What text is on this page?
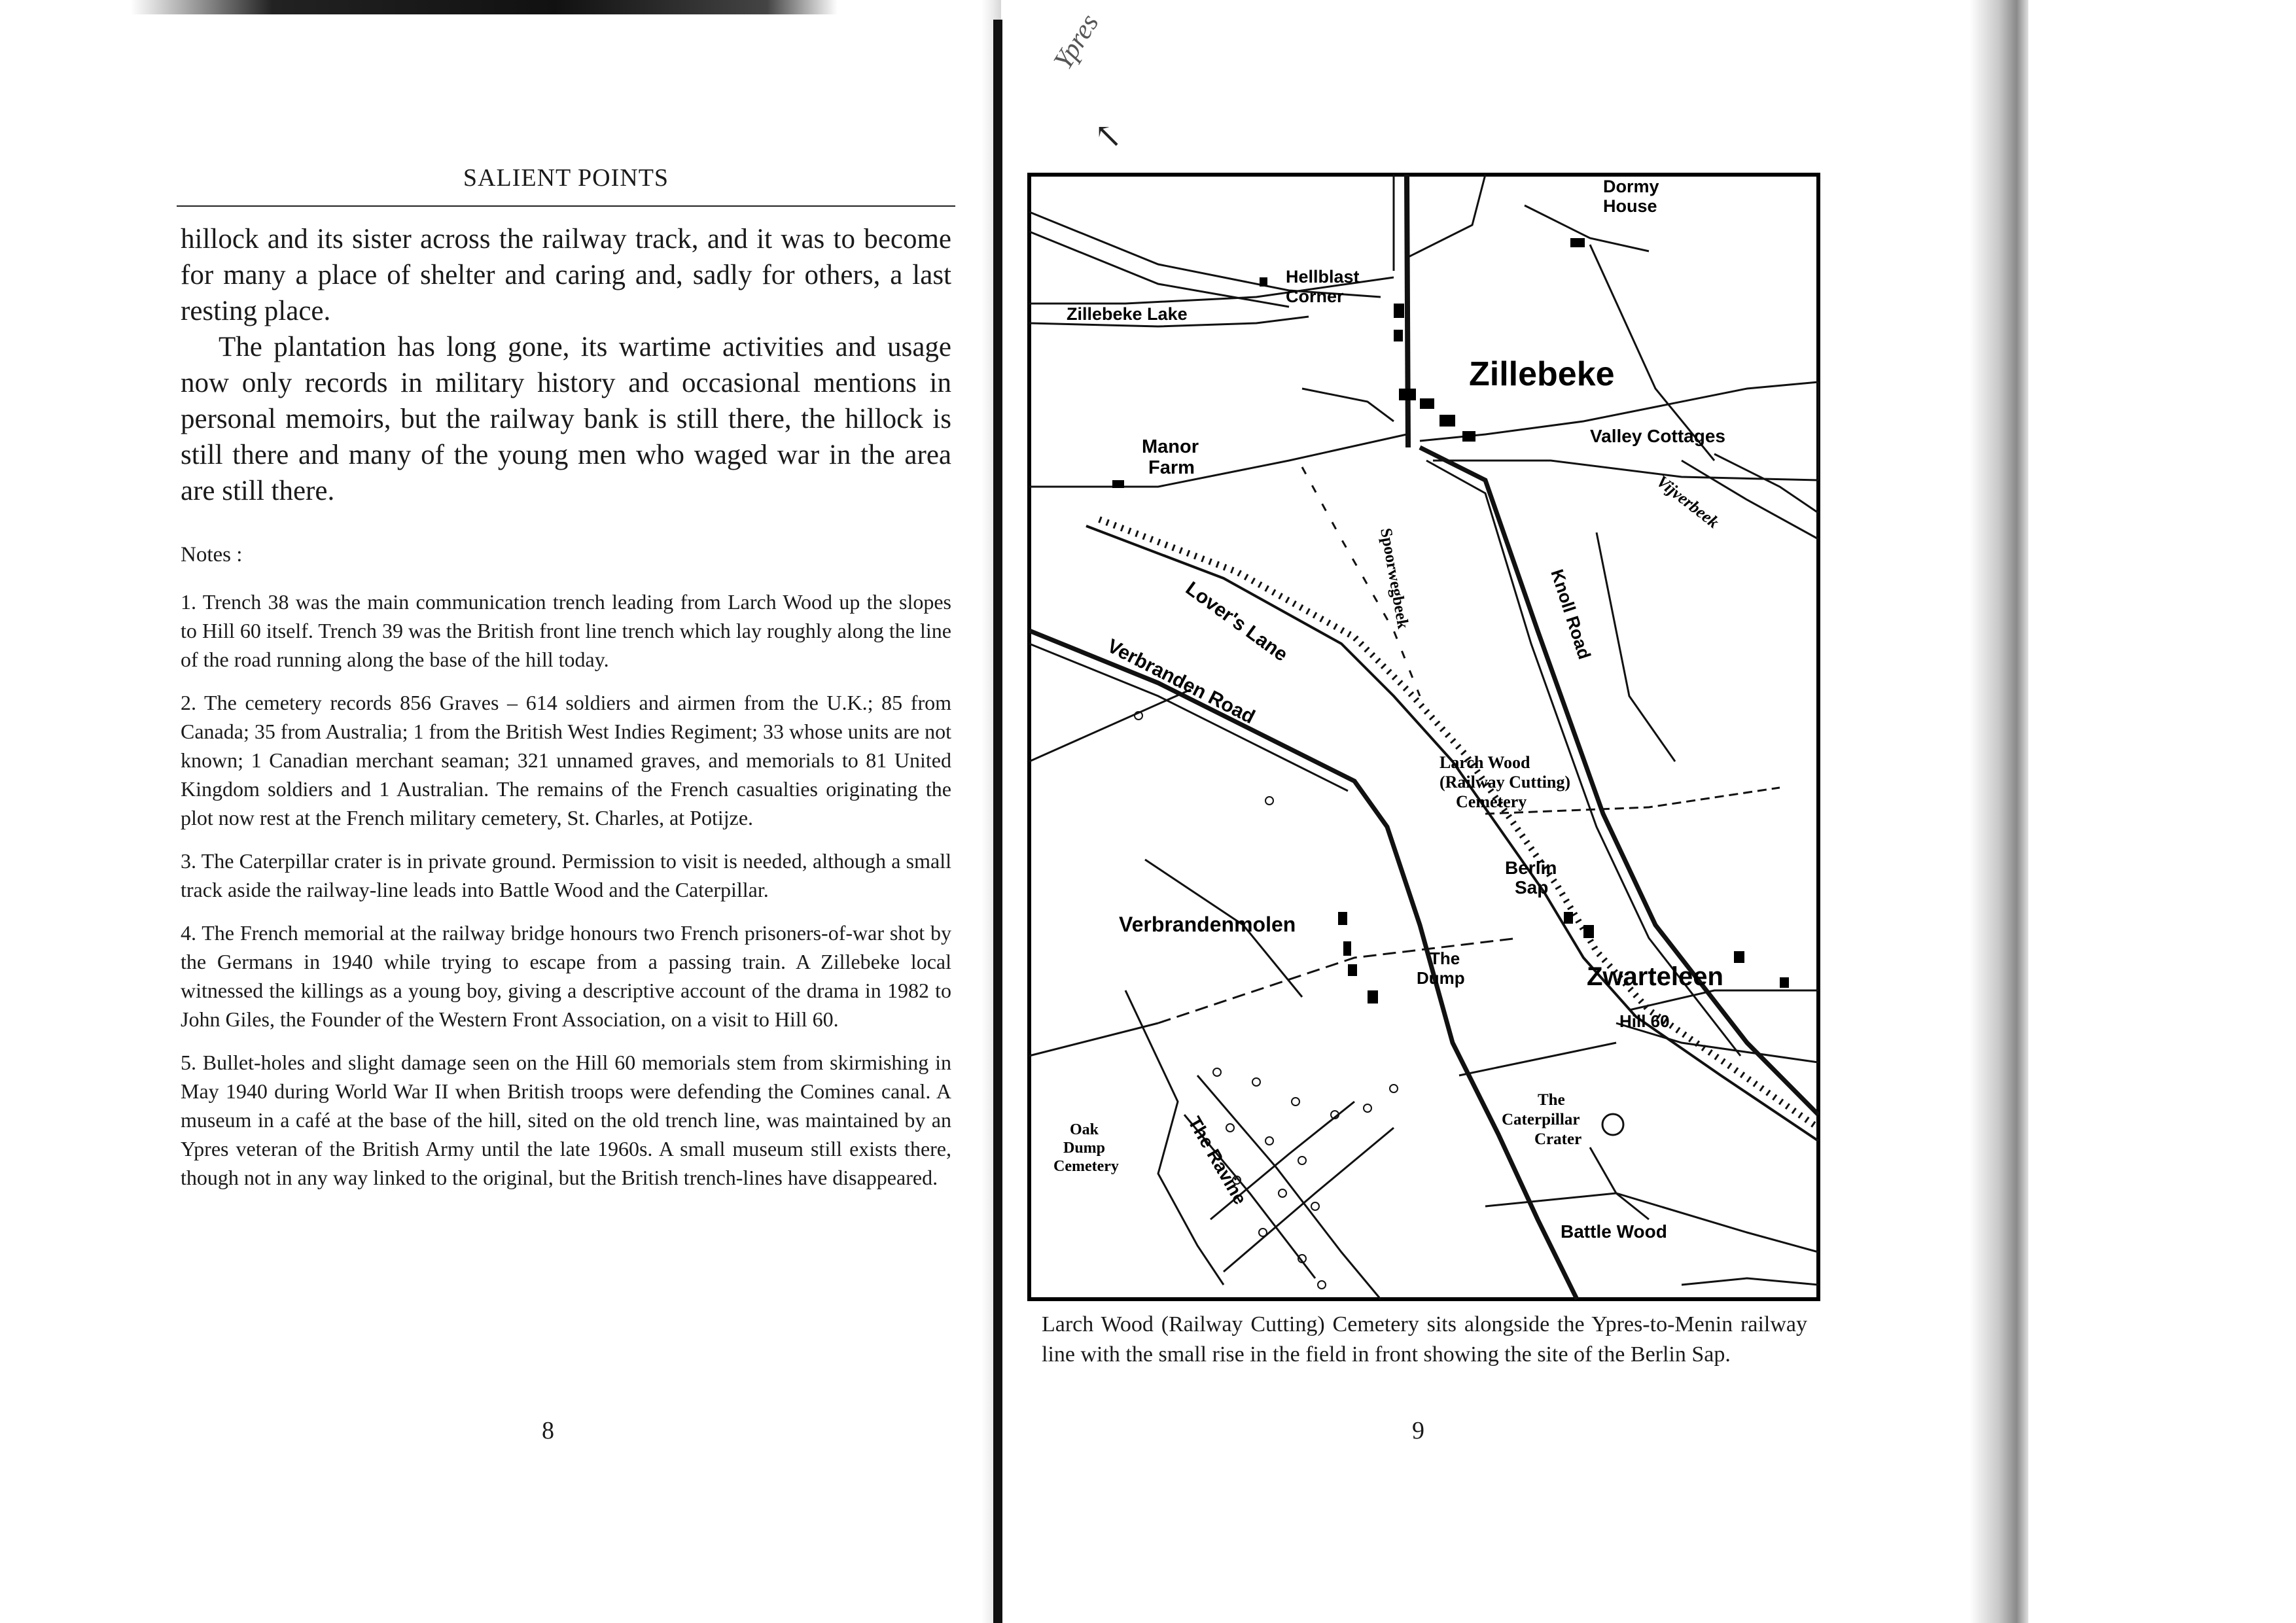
SALIENT POINTS

hillock and its sister across the railway track, and it was to become for many a place of shelter and caring and, sadly for others, a last resting place.

The plantation has long gone, its wartime activities and usage now only records in military history and occasional mentions in personal memoirs, but the railway bank is still there, the hillock is still there and many of the young men who waged war in the area are still there.

Notes :

1. Trench 38 was the main communication trench leading from Larch Wood up the slopes to Hill 60 itself. Trench 39 was the British front line trench which lay roughly along the line of the road running along the base of the hill today.

2. The cemetery records 856 Graves – 614 soldiers and airmen from the U.K.; 85 from Canada; 35 from Australia; 1 from the British West Indies Regiment; 33 whose units are not known; 1 Canadian merchant seaman; 321 unnamed graves, and memorials to 81 United Kingdom soldiers and 1 Australian. The remains of the French casualties originating the plot now rest at the French military cemetery, St. Charles, at Potijze.

3. The Caterpillar crater is in private ground. Permission to visit is needed, although a small track aside the railway-line leads into Battle Wood and the Caterpillar.

4. The French memorial at the railway bridge honours two French prisoners-of-war shot by the Germans in 1940 while trying to escape from a passing train. A Zillebeke local witnessed the killings as a young boy, giving a descriptive account of the drama in 1982 to John Giles, the Founder of the Western Front Association, on a visit to Hill 60.

5. Bullet-holes and slight damage seen on the Hill 60 memorials stem from skirmishing in May 1940 during World War II when British troops were defending the Comines canal. A museum in a café at the base of the hill, sited on the old trench line, was maintained by an Ypres veteran of the British Army until the late 1960s. A small museum still exists there, though not in any way linked to the original, but the British trench-lines have disappeared.

8
Ypres
↖
Dormy
House
Hellblast
Corner
Zillebeke Lake
Zillebeke
Valley Cottages
Manor
Farm
Spoorwegbeek
Vijverbeek
Knoll Road
Lover's Lane
Verbranden Road
Larch Wood
(Railway Cutting)
Cemetery
Berlin
Sap
Verbrandenmolen
The
Dump	Zwarteleen
Hill 60
Oak
Dump
Cemetery	The Ravine
The
Caterpillar
Crater
Battle Wood
Larch Wood (Railway Cutting) Cemetery sits alongside the Ypres-to-Menin railway line with the small rise in the field in front showing the site of the Berlin Sap.
9
